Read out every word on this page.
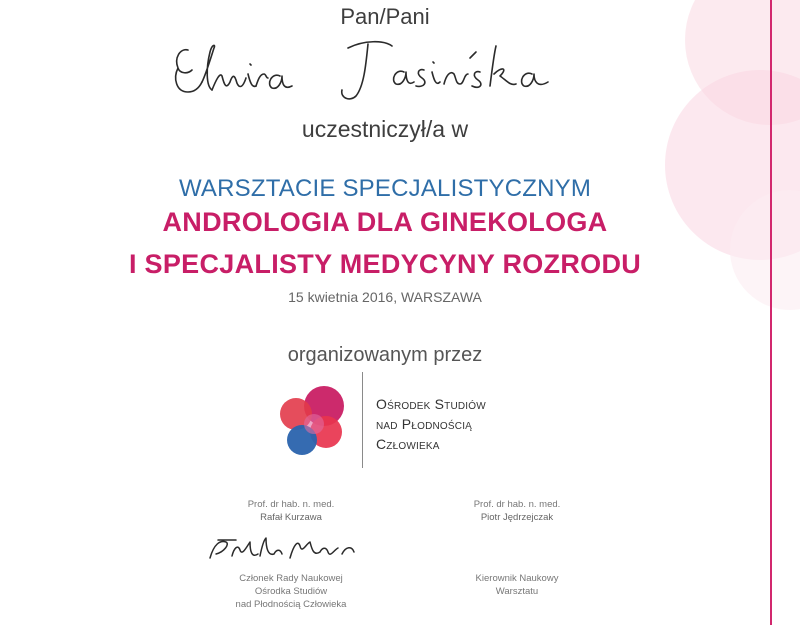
Pan/Pani
uczestniczył/a w
WARSZTACIE SPECJALISTYCZNYM
ANDROLOGIA DLA GINEKOLOGA
I SPECJALISTY MEDYCYNY ROZRODU
15 kwietnia 2016, WARSZAWA
organizowanym przez
Ośrodek Studiów
nad Płodnością
Człowieka
Prof. dr hab. n. med.
Rafał Kurzawa
Członek Rady Naukowej
Ośrodka Studiów
nad Płodnością Człowieka
Prof. dr hab. n. med.
Piotr Jędrzejczak
Kierownik Naukowy
Warsztatu
